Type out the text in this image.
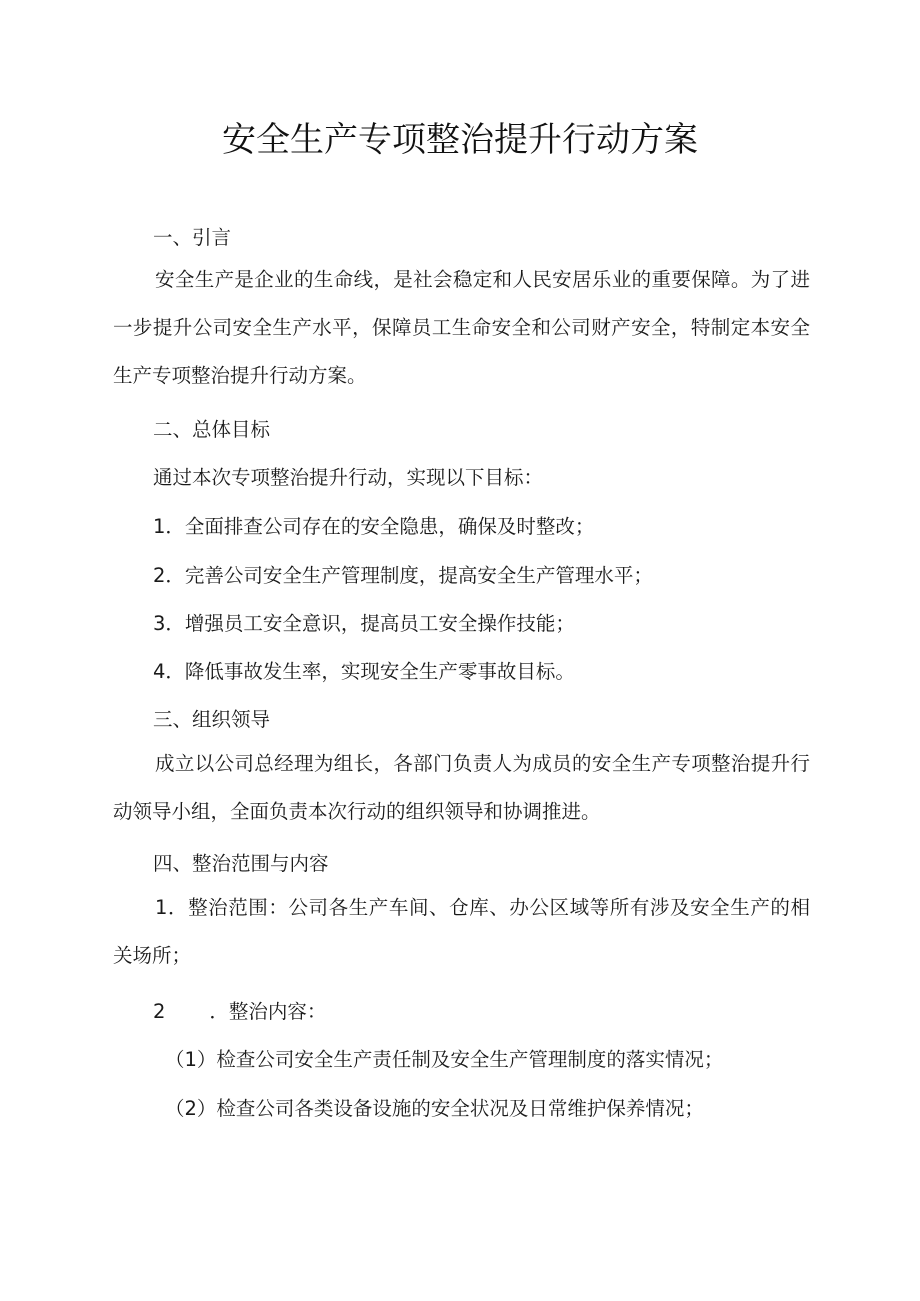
安全生产专项整治提升行动方案
一、引言

安全生产是企业的生命线，是社会稳定和人民安居乐业的重要保障。为了进一步提升公司安全生产水平，保障员工生命安全和公司财产安全，特制定本安全生产专项整治提升行动方案。

二、总体目标
通过本次专项整治提升行动，实现以下目标：
1．全面排查公司存在的安全隐患，确保及时整改；
2．完善公司安全生产管理制度，提高安全生产管理水平；
3．增强员工安全意识，提高员工安全操作技能；
4．降低事故发生率，实现安全生产零事故目标。
三、组织领导

成立以公司总经理为组长，各部门负责人为成员的安全生产专项整治提升行动领导小组，全面负责本次行动的组织领导和协调推进。

四、整治范围与内容

1．整治范围：公司各生产车间、仓库、办公区域等所有涉及安全生产的相关场所；

2 ．整治内容：
（1）检查公司安全生产责任制及安全生产管理制度的落实情况；
（2）检查公司各类设备设施的安全状况及日常维护保养情况；
